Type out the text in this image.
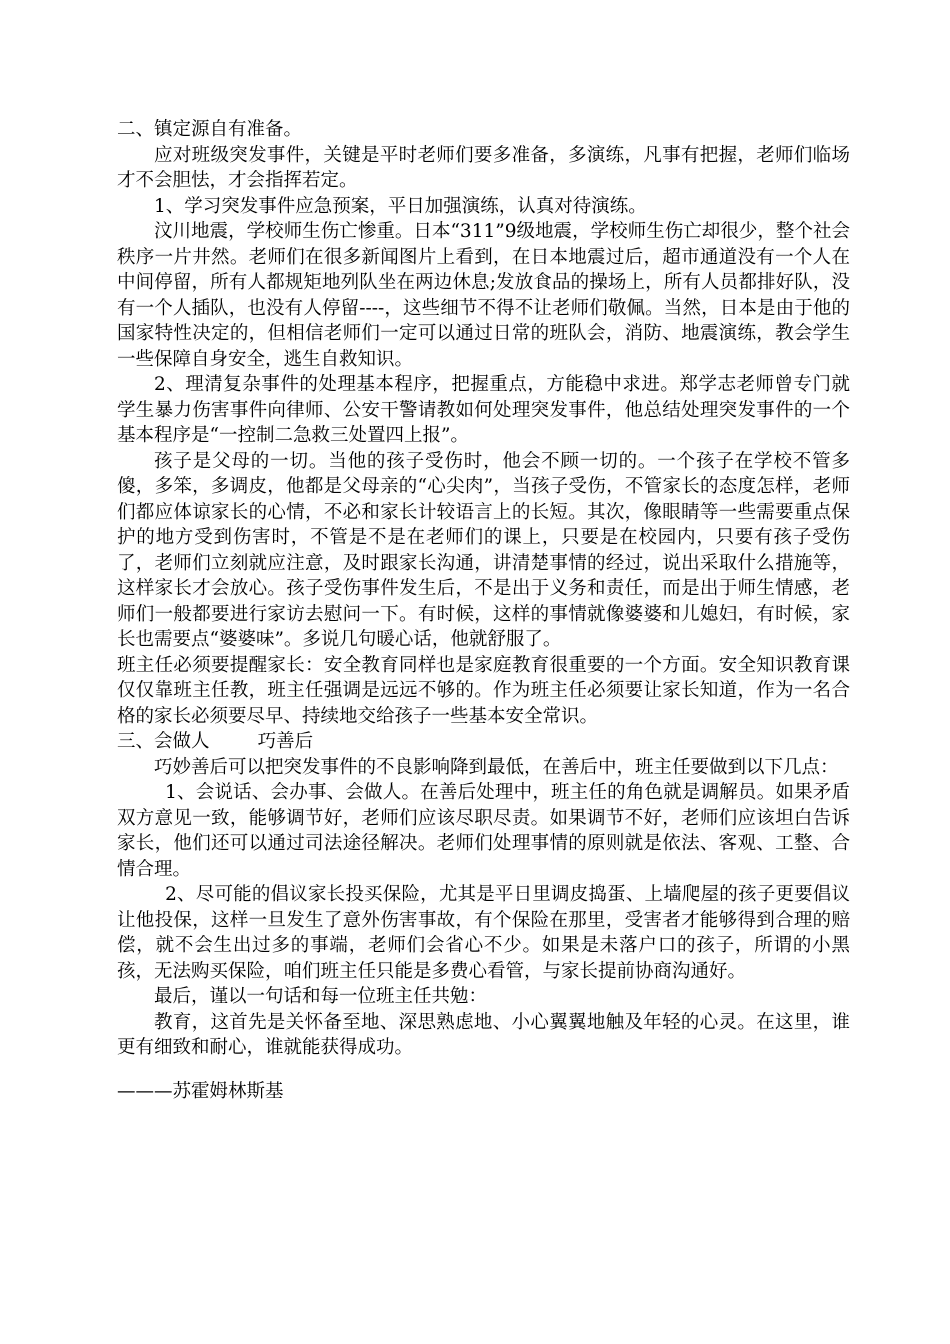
二、镇定源自有准备。

应对班级突发事件，关键是平时老师们要多准备，多演练，凡事有把握，老师们临场才不会胆怯，才会指挥若定。

1、学习突发事件应急预案，平日加强演练，认真对待演练。

汶川地震，学校师生伤亡惨重。日本“311”9级地震，学校师生伤亡却很少，整个社会秩序一片井然。老师们在很多新闻图片上看到，在日本地震过后，超市通道没有一个人在中间停留，所有人都规矩地列队坐在两边休息;发放食品的操场上，所有人员都排好队，没有一个人插队，也没有人停留----，这些细节不得不让老师们敬佩。当然，日本是由于他的国家特性决定的，但相信老师们一定可以通过日常的班队会，消防、地震演练，教会学生一些保障自身安全，逃生自救知识。

2、理清复杂事件的处理基本程序，把握重点，方能稳中求进。郑学志老师曾专门就学生暴力伤害事件向律师、公安干警请教如何处理突发事件，他总结处理突发事件的一个基本程序是“一控制二急救三处置四上报”。

孩子是父母的一切。当他的孩子受伤时，他会不顾一切的。一个孩子在学校不管多傻，多笨，多调皮，他都是父母亲的“心尖肉”，当孩子受伤，不管家长的态度怎样，老师们都应体谅家长的心情，不必和家长计较语言上的长短。其次，像眼睛等一些需要重点保护的地方受到伤害时，不管是不是在老师们的课上，只要是在校园内，只要有孩子受伤了，老师们立刻就应注意，及时跟家长沟通，讲清楚事情的经过，说出采取什么措施等，这样家长才会放心。孩子受伤事件发生后，不是出于义务和责任，而是出于师生情感，老师们一般都要进行家访去慰问一下。有时候，这样的事情就像婆婆和儿媳妇，有时候，家长也需要点“婆婆味”。多说几句暖心话，他就舒服了。

班主任必须要提醒家长：安全教育同样也是家庭教育很重要的一个方面。安全知识教育课仅仅靠班主任教，班主任强调是远远不够的。作为班主任必须要让家长知道，作为一名合格的家长必须要尽早、持续地交给孩子一些基本安全常识。

三、会做人	巧善后

巧妙善后可以把突发事件的不良影响降到最低，在善后中，班主任要做到以下几点：

1、会说话、会办事、会做人。在善后处理中，班主任的角色就是调解员。如果矛盾双方意见一致，能够调节好，老师们应该尽职尽责。如果调节不好，老师们应该坦白告诉家长，他们还可以通过司法途径解决。老师们处理事情的原则就是依法、客观、工整、合情合理。

2、尽可能的倡议家长投买保险，尤其是平日里调皮捣蛋、上墙爬屋的孩子更要倡议让他投保，这样一旦发生了意外伤害事故，有个保险在那里，受害者才能够得到合理的赔偿，就不会生出过多的事端，老师们会省心不少。如果是未落户口的孩子，所谓的小黑孩，无法购买保险，咱们班主任只能是多费心看管，与家长提前协商沟通好。

最后，谨以一句话和每一位班主任共勉：

教育，这首先是关怀备至地、深思熟虑地、小心翼翼地触及年轻的心灵。在这里，谁更有细致和耐心，谁就能获得成功。

———苏霍姆林斯基
